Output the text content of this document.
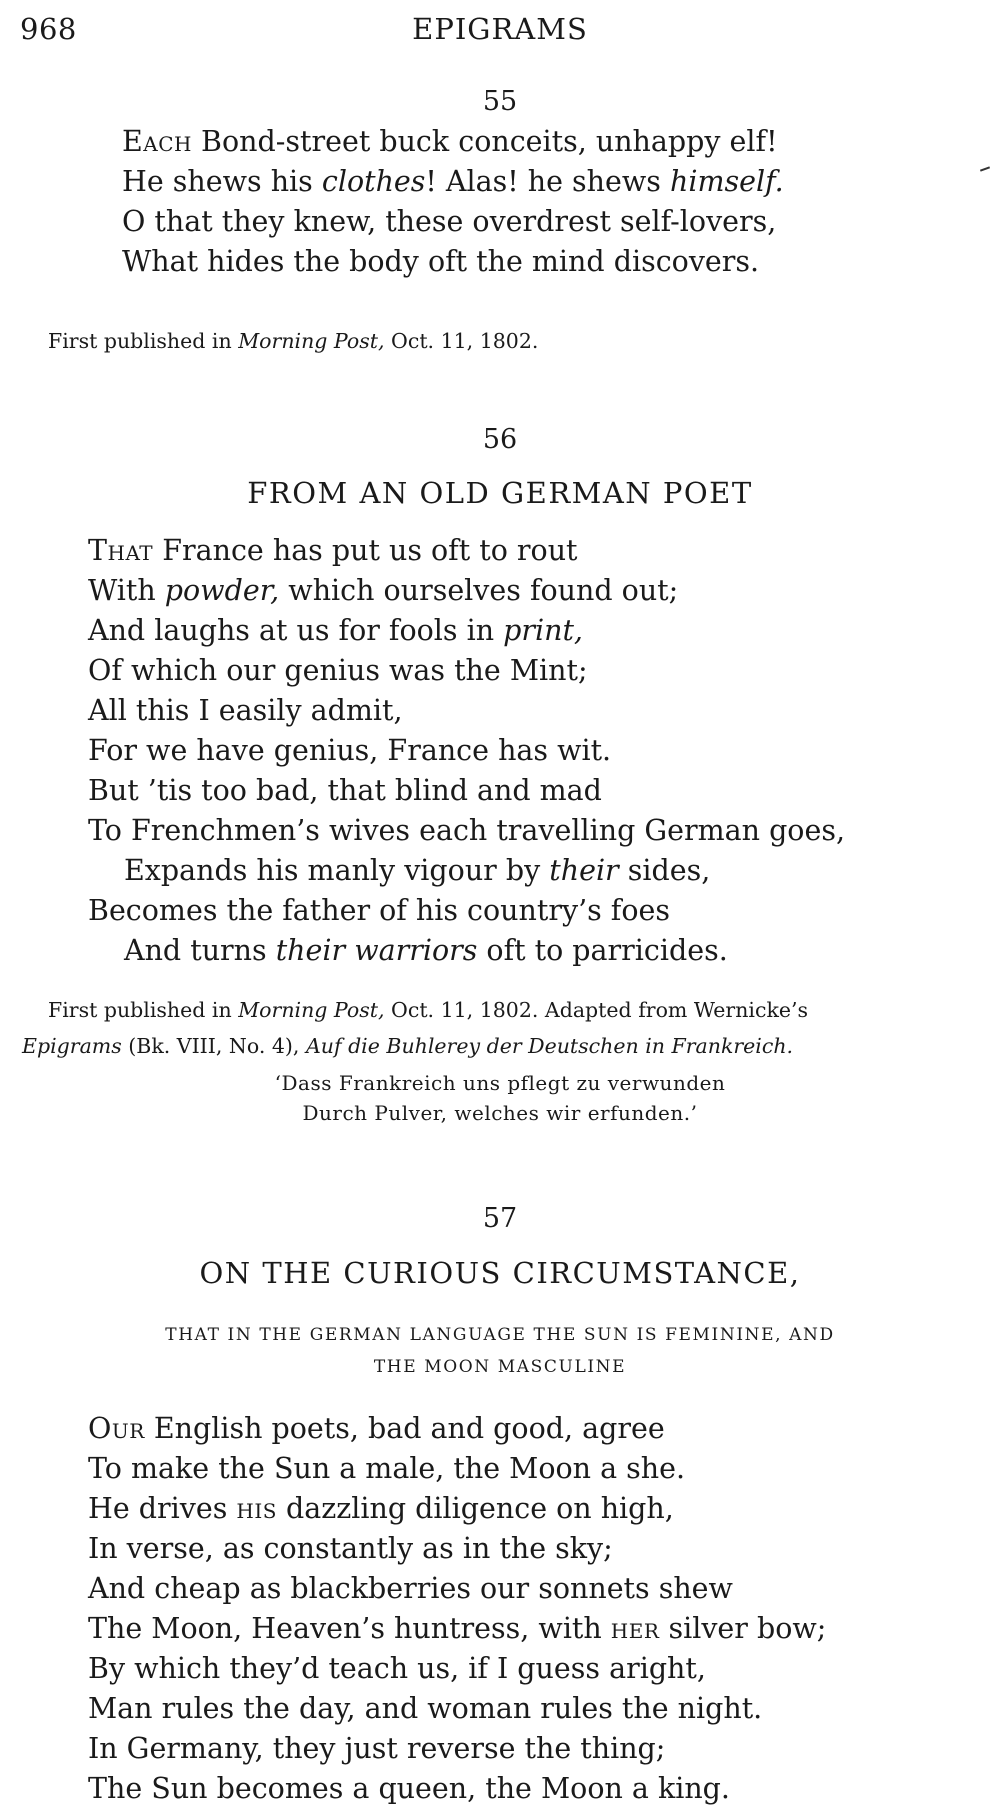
968	EPIGRAMS
55
Each Bond-street buck conceits, unhappy elf!
He shews his clothes! Alas! he shews himself.
O that they knew, these overdrest self-lovers,
What hides the body oft the mind discovers.
First published in Morning Post, Oct. 11, 1802.
56
FROM AN OLD GERMAN POET
That France has put us oft to rout
With powder, which ourselves found out;
And laughs at us for fools in print,
Of which our genius was the Mint;
All this I easily admit,
For we have genius, France has wit.
But ’tis too bad, that blind and mad
To Frenchmen’s wives each travelling German goes,
Expands his manly vigour by their sides,
Becomes the father of his country’s foes
And turns their warriors oft to parricides.
First published in Morning Post, Oct. 11, 1802. Adapted from Wernicke’s
Epigrams (Bk. VIII, No. 4), Auf die Buhlerey der Deutschen in Frankreich.
‘Dass Frankreich uns pflegt zu verwunden
Durch Pulver, welches wir erfunden.’
57
ON THE CURIOUS CIRCUMSTANCE,
THAT IN THE GERMAN LANGUAGE THE SUN IS FEMININE, AND
THE MOON MASCULINE
Our English poets, bad and good, agree
To make the Sun a male, the Moon a she.
He drives his dazzling diligence on high,
In verse, as constantly as in the sky;
And cheap as blackberries our sonnets shew
The Moon, Heaven’s huntress, with her silver bow;
By which they’d teach us, if I guess aright,
Man rules the day, and woman rules the night.
In Germany, they just reverse the thing;
The Sun becomes a queen, the Moon a king.
